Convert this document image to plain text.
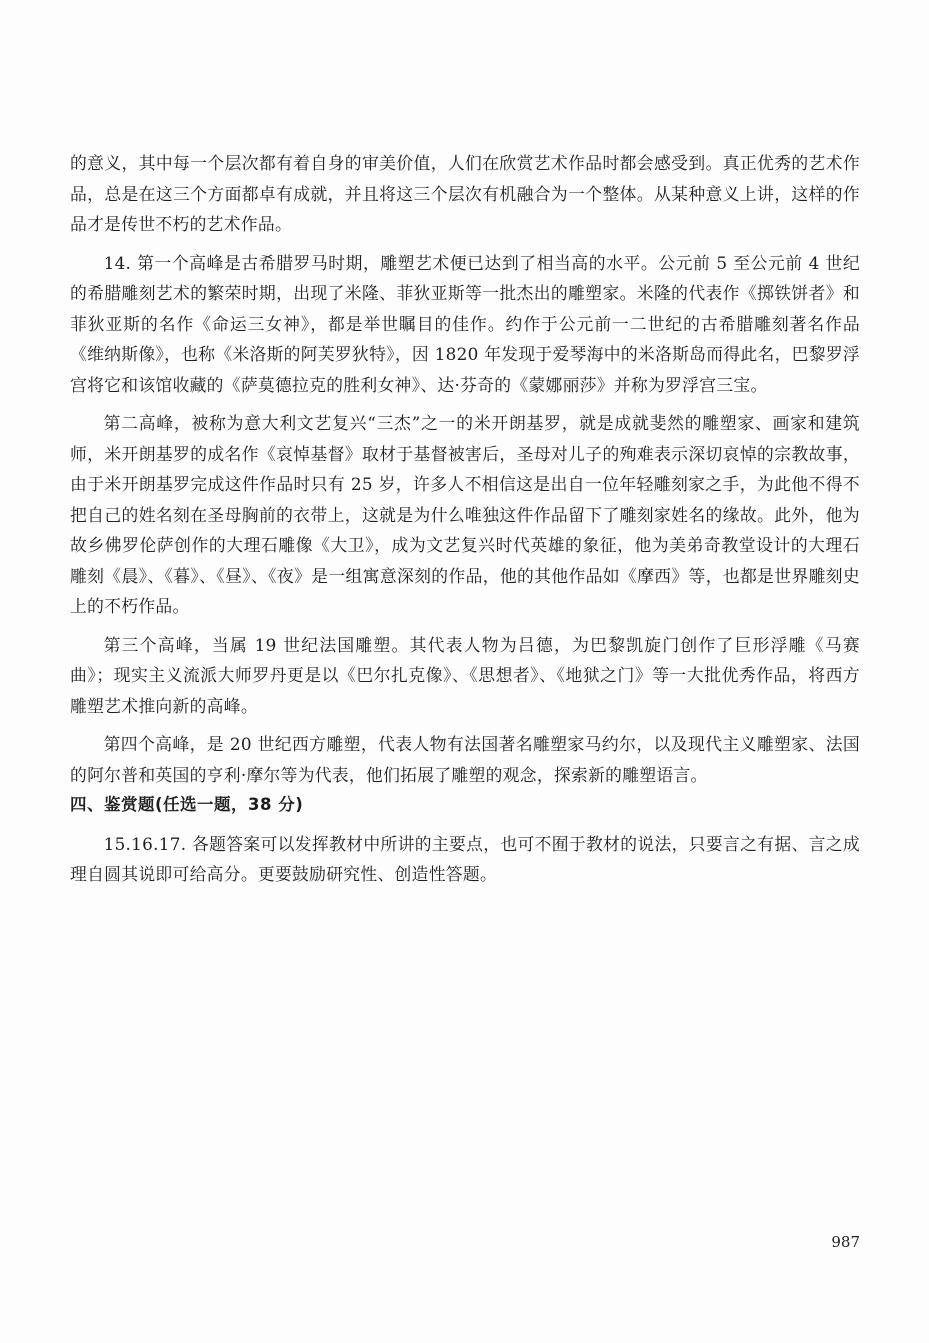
的意义，其中每一个层次都有着自身的审美价值，人们在欣赏艺术作品时都会感受到。真正优秀的艺术作品，总是在这三个方面都卓有成就，并且将这三个层次有机融合为一个整体。从某种意义上讲，这样的作品才是传世不朽的艺术作品。

14. 第一个高峰是古希腊罗马时期，雕塑艺术便已达到了相当高的水平。公元前 5 至公元前 4 世纪的希腊雕刻艺术的繁荣时期，出现了米隆、菲狄亚斯等一批杰出的雕塑家。米隆的代表作《掷铁饼者》和菲狄亚斯的名作《命运三女神》，都是举世瞩目的佳作。约作于公元前一二世纪的古希腊雕刻著名作品《维纳斯像》，也称《米洛斯的阿芙罗狄特》，因 1820 年发现于爱琴海中的米洛斯岛而得此名，巴黎罗浮宫将它和该馆收藏的《萨莫德拉克的胜利女神》、达·芬奇的《蒙娜丽莎》并称为罗浮宫三宝。

第二高峰，被称为意大利文艺复兴“三杰”之一的米开朗基罗，就是成就斐然的雕塑家、画家和建筑师，米开朗基罗的成名作《哀悼基督》取材于基督被害后，圣母对儿子的殉难表示深切哀悼的宗教故事，由于米开朗基罗完成这件作品时只有 25 岁，许多人不相信这是出自一位年轻雕刻家之手，为此他不得不把自己的姓名刻在圣母胸前的衣带上，这就是为什么唯独这件作品留下了雕刻家姓名的缘故。此外，他为故乡佛罗伦萨创作的大理石雕像《大卫》，成为文艺复兴时代英雄的象征，他为美弟奇教堂设计的大理石雕刻《晨》、《暮》、《昼》、《夜》是一组寓意深刻的作品，他的其他作品如《摩西》等，也都是世界雕刻史上的不朽作品。

第三个高峰，当属 19 世纪法国雕塑。其代表人物为吕德，为巴黎凯旋门创作了巨形浮雕《马赛曲》；现实主义流派大师罗丹更是以《巴尔扎克像》、《思想者》、《地狱之门》等一大批优秀作品，将西方雕塑艺术推向新的高峰。

第四个高峰，是 20 世纪西方雕塑，代表人物有法国著名雕塑家马约尔，以及现代主义雕塑家、法国的阿尔普和英国的亨利·摩尔等为代表，他们拓展了雕塑的观念，探索新的雕塑语言。

四、鉴赏题(任选一题，38 分)

15.16.17. 各题答案可以发挥教材中所讲的主要点，也可不囿于教材的说法，只要言之有据、言之成理自圆其说即可给高分。更要鼓励研究性、创造性答题。

987
